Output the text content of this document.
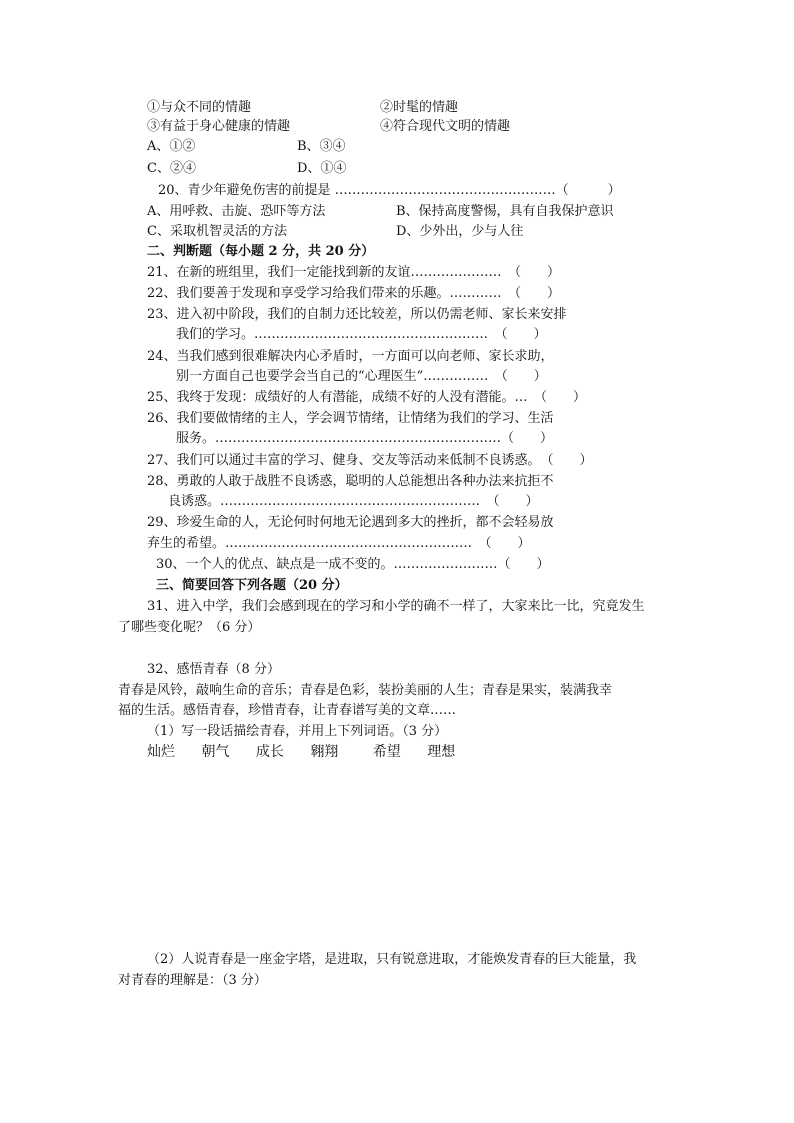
①与众不同的情趣	②时髦的情趣
③有益于身心健康的情趣	④符合现代文明的情趣
A、①②	B、③④
C、②④	D、①④
20、青少年避免伤害的前提是 ……………………………………………（　　　）
A、用呼救、击旋、恐吓等方法	B、保持高度警惕，具有自我保护意识
C、采取机智灵活的方法	D、少外出，少与人往
二、判断题（每小题 2 分，共 20 分）
21、在新的班组里，我们一定能找到新的友谊…………………　（　　）
22、我们要善于发现和享受学习给我们带来的乐趣。…………　（　　）
23、进入初中阶段，我们的自制力还比较差，所以仍需老师、家长来安排
我们的学习。………………………………………………　（　　）
24、当我们感到很难解决内心矛盾时，一方面可以向老师、家长求助，
别一方面自己也要学会当自己的“心理医生”……………　（　　）
25、我终于发现：成绩好的人有潜能，成绩不好的人没有潜能。…　（　　）
26、我们要做情绪的主人，学会调节情绪，让情绪为我们的学习、生活
服务。…………………………………………………………（　　）
27、我们可以通过丰富的学习、健身、交友等活动来低制不良诱惑。　（　　）
28、勇敢的人敢于战胜不良诱惑，聪明的人总能想出各种办法来抗拒不
良诱惑。……………………………………………………　（　　）
29、珍爱生命的人，无论何时何地无论遇到多大的挫折，都不会轻易放
弃生的希望。…………………………………………………　（　　）
30、一个人的优点、缺点是一成不变的。……………………（　　）
三、简要回答下列各题（20 分）
31、进入中学，我们会感到现在的学习和小学的确不一样了，大家来比一比，究竟发生
了哪些变化呢？（6 分）
32、感悟青春（8 分）
青春是风铃，敲响生命的音乐；青春是色彩，装扮美丽的人生；青春是果实，装满我幸
福的生活。感悟青春，珍惜青春，让青春谱写美的文章……
（1）写一段话描绘青春，并用上下列词语。（3 分）
灿烂 朝气 成长 翱翔 希望 理想
（2）人说青春是一座金字塔，是进取，只有锐意进取，才能焕发青春的巨大能量，我
对青春的理解是：（3 分）
